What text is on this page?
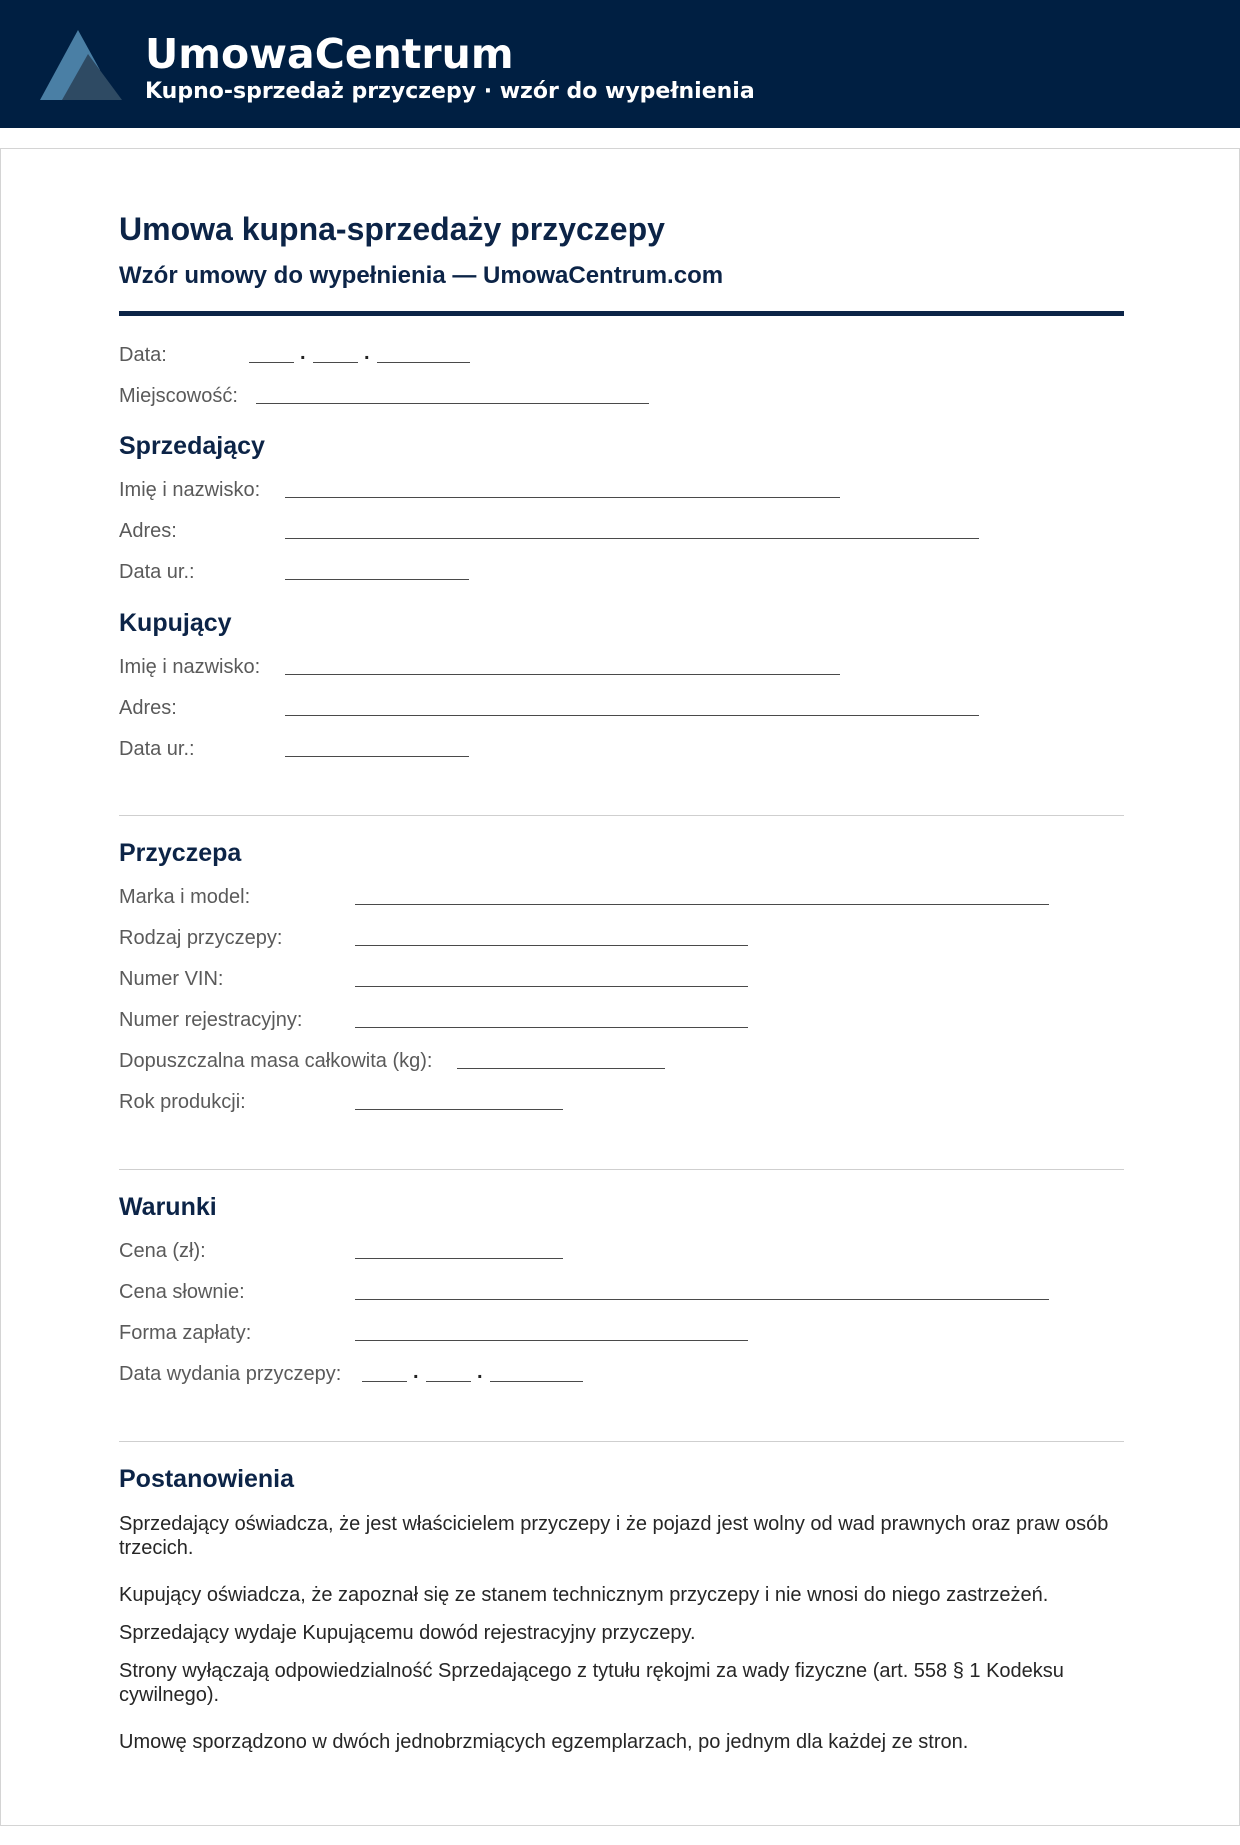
UmowaCentrum
Kupno-sprzedaż przyczepy · wzór do wypełnienia
Umowa kupna-sprzedaży przyczepy
Wzór umowy do wypełnienia — UmowaCentrum.com
Data:	.	.
Miejscowość:
Sprzedający
Imię i nazwisko:
Adres:
Data ur.:
Kupujący
Imię i nazwisko:
Adres:
Data ur.:
Przyczepa
Marka i model:
Rodzaj przyczepy:
Numer VIN:
Numer rejestracyjny:
Dopuszczalna masa całkowita (kg):
Rok produkcji:
Warunki
Cena (zł):
Cena słownie:
Forma zapłaty:
Data wydania przyczepy:	.	.
Postanowienia
Sprzedający oświadcza, że jest właścicielem przyczepy i że pojazd jest wolny od wad prawnych oraz praw osób trzecich.
Kupujący oświadcza, że zapoznał się ze stanem technicznym przyczepy i nie wnosi do niego zastrzeżeń.
Sprzedający wydaje Kupującemu dowód rejestracyjny przyczepy.
Strony wyłączają odpowiedzialność Sprzedającego z tytułu rękojmi za wady fizyczne (art. 558 § 1 Kodeksu cywilnego).
Umowę sporządzono w dwóch jednobrzmiących egzemplarzach, po jednym dla każdej ze stron.
